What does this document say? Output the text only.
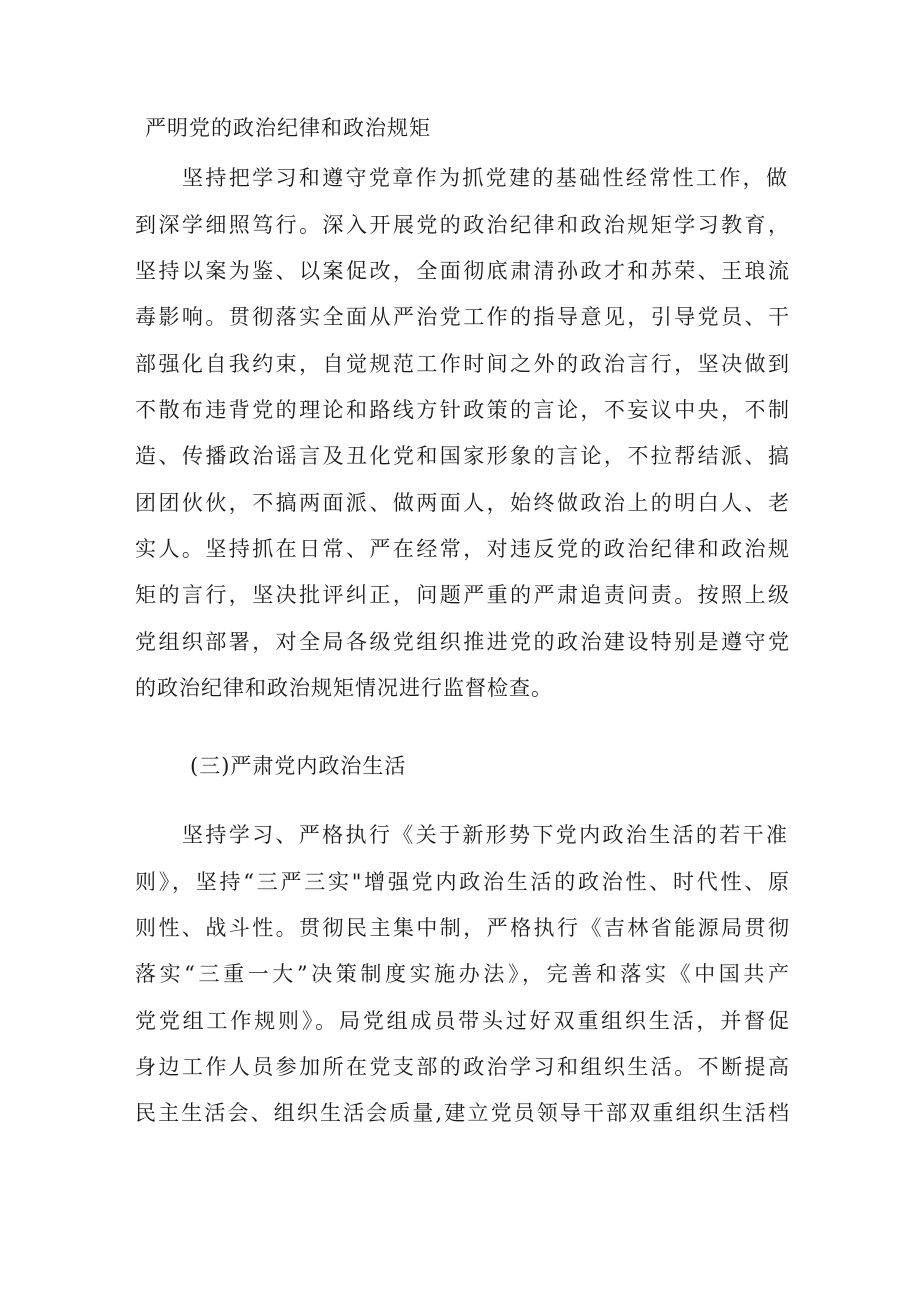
严明党的政治纪律和政治规矩
坚持把学习和遵守党章作为抓党建的基础性经常性工作，做
到深学细照笃行。深入开展党的政治纪律和政治规矩学习教育，
坚持以案为鉴、以案促改，全面彻底肃清孙政才和苏荣、王琅流
毒影响。贯彻落实全面从严治党工作的指导意见，引导党员、干
部强化自我约束，自觉规范工作时间之外的政治言行，坚决做到
不散布违背党的理论和路线方针政策的言论，不妄议中央，不制
造、传播政治谣言及丑化党和国家形象的言论，不拉帮结派、搞
团团伙伙，不搞两面派、做两面人，始终做政治上的明白人、老
实人。坚持抓在日常、严在经常，对违反党的政治纪律和政治规
矩的言行，坚决批评纠正，问题严重的严肃追责问责。按照上级
党组织部署，对全局各级党组织推进党的政治建设特别是遵守党
的政治纪律和政治规矩情况进行监督检查。
(三)严肃党内政治生活
坚持学习、严格执行《关于新形势下党内政治生活的若干准
则》，坚持“三严三实"增强党内政治生活的政治性、时代性、原
则性、战斗性。贯彻民主集中制，严格执行《吉林省能源局贯彻
落实“三重一大”决策制度实施办法》，完善和落实《中国共产
党党组工作规则》。局党组成员带头过好双重组织生活，并督促
身边工作人员参加所在党支部的政治学习和组织生活。不断提高
民主生活会、组织生活会质量,建立党员领导干部双重组织生活档
